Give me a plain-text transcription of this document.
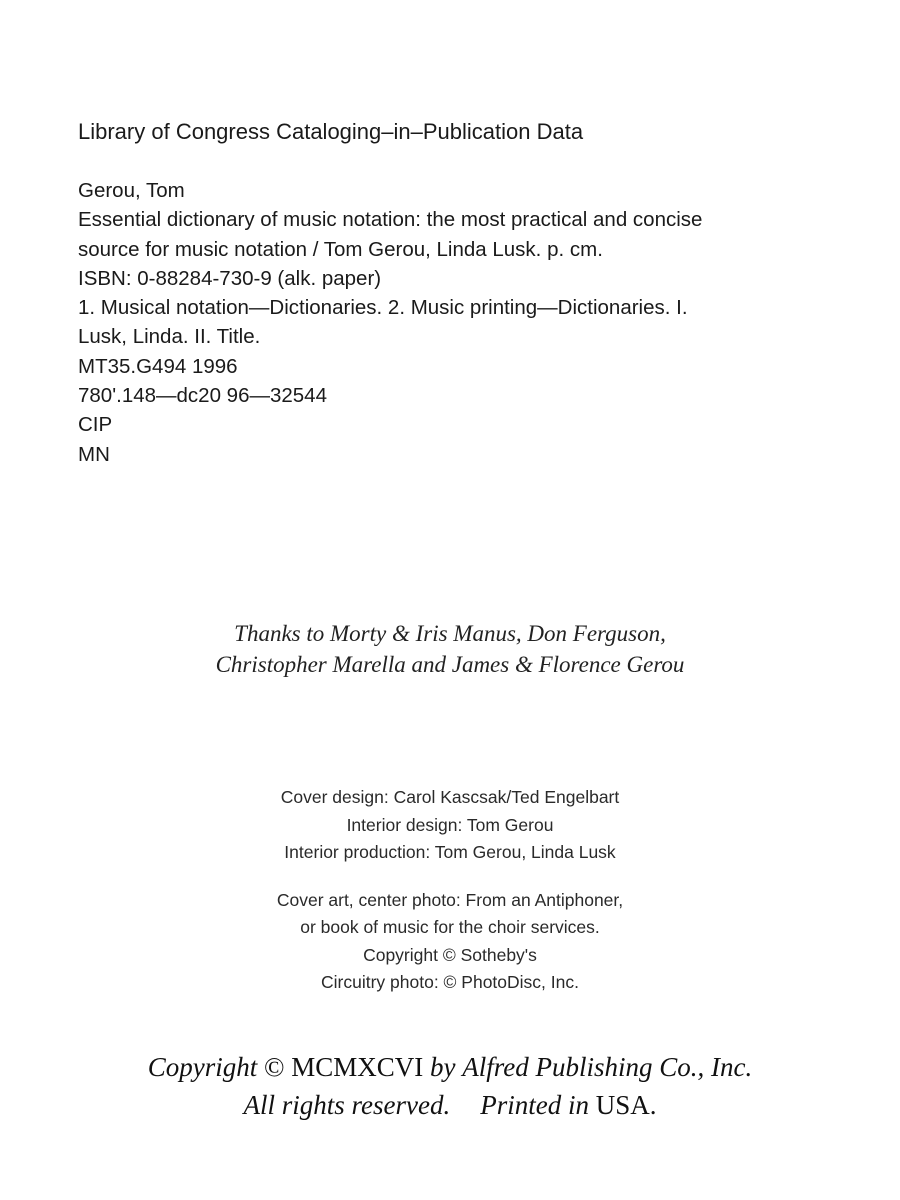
Library of Congress Cataloging–in–Publication Data
Gerou, Tom
Essential dictionary of music notation: the most practical and concise
source for music notation / Tom Gerou, Linda Lusk. p. cm.
ISBN: 0-88284-730-9 (alk. paper)
1. Musical notation—Dictionaries. 2. Music printing—Dictionaries. I.
Lusk, Linda. II. Title.
MT35.G494 1996
780'.148—dc20 96—32544
CIP
MN
Thanks to Morty & Iris Manus, Don Ferguson,
Christopher Marella and James & Florence Gerou
Cover design: Carol Kascsak/Ted Engelbart
Interior design: Tom Gerou
Interior production: Tom Gerou, Linda Lusk
Cover art, center photo: From an Antiphoner,
or book of music for the choir services.
Copyright © Sotheby's
Circuitry photo: © PhotoDisc, Inc.
Copyright © MCMXCVI by Alfred Publishing Co., Inc.
All rights reserved. Printed in USA.
